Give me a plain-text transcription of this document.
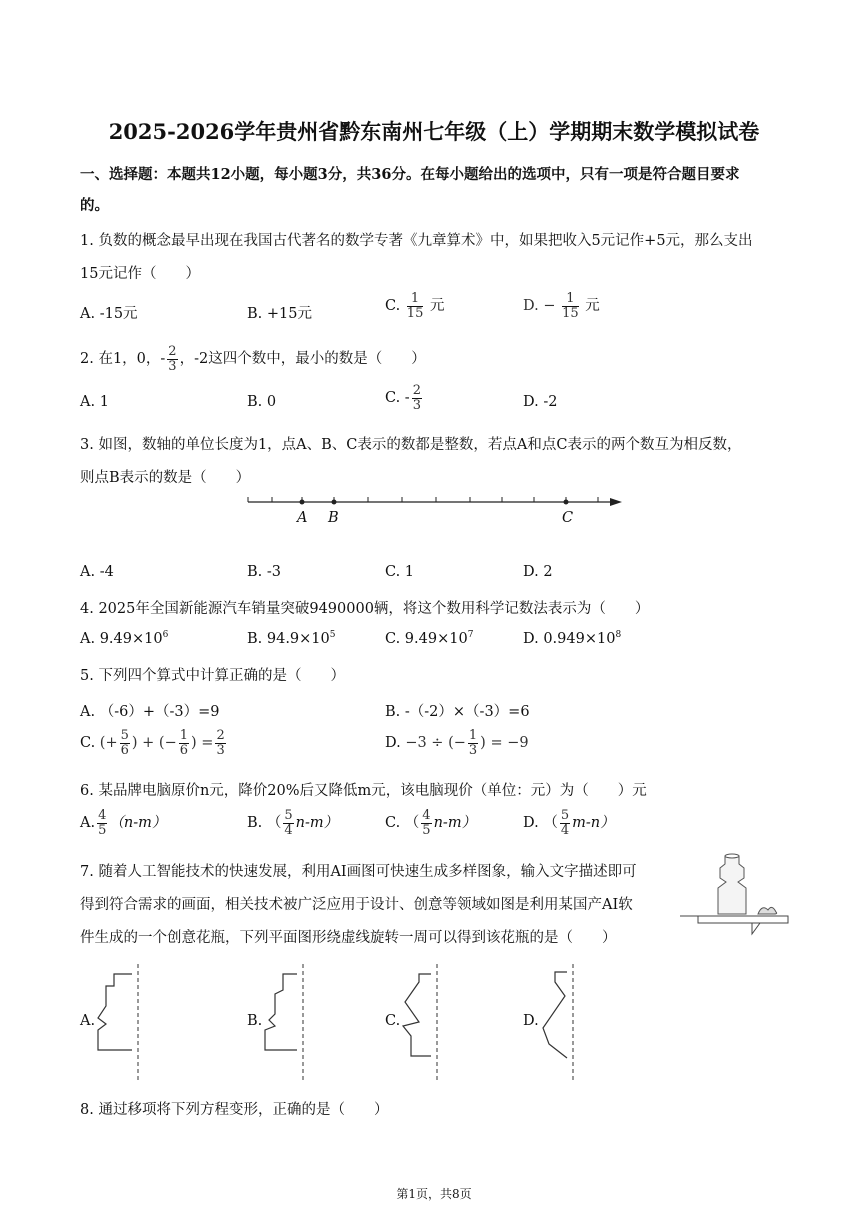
2025-2026学年贵州省黔东南州七年级（上）学期期末数学模拟试卷
一、选择题：本题共12小题，每小题3分，共36分。在每小题给出的选项中，只有一项是符合题目要求
的。
1. 负数的概念最早出现在我国古代著名的数学专著《九章算术》中，如果把收入5元记作+5元，那么支出
15元记作（　　）
A. -15元	B. +15元	C. $\frac{1}{15}$ 元	D. − $\frac{1}{15}$ 元
2. 在1，0，- $\frac{2}{3}$ ，-2这四个数中，最小的数是（　　）
A. 1	B. 0	C. - $\frac{2}{3}$	D. -2
3. 如图，数轴的单位长度为1，点A、B、C表示的数都是整数，若点A和点C表示的两个数互为相反数，
则点B表示的数是（　　）
A B	C
A. -4	B. -3	C. 1	D. 2
4. 2025年全国新能源汽车销量突破9490000辆，将这个数用科学记数法表示为（　　）
A. $9.49\times 10^6$	B. $94.9\times 10^5$	C. $9.49\times 10^7$	D. $0.949\times 10^8$
5. 下列四个算式中计算正确的是（　　）
A. （-6）+（-3）=9	B. -（-2）×（-3）=6
C. (+ $\frac{5}{6}$ ) + (− $\frac{1}{6}$ ) = $\frac{2}{3}$	D. −3 ÷ (− $\frac{1}{3}$ ) = −9
6. 某品牌电脑原价n元，降价20%后又降低m元，该电脑现价（单位：元）为（　　）元
A. $\frac{4}{5} (n-m)$	B. （ $\frac{5}{4} n-m$）	C. （ $\frac{4}{5} n-m$）	D. （ $\frac{5}{4} m-n$）
7. 随着人工智能技术的快速发展，利用AI画图可快速生成多样图象，输入文字描述即可
得到符合需求的画面，相关技术被广泛应用于设计、创意等领域如图是利用某国产AI软
件生成的一个创意花瓶，下列平面图形绕虚线旋转一周可以得到该花瓶的是（　　）
A.	B.	C.	D.
8. 通过移项将下列方程变形，正确的是（　　）
第1页，共8页
